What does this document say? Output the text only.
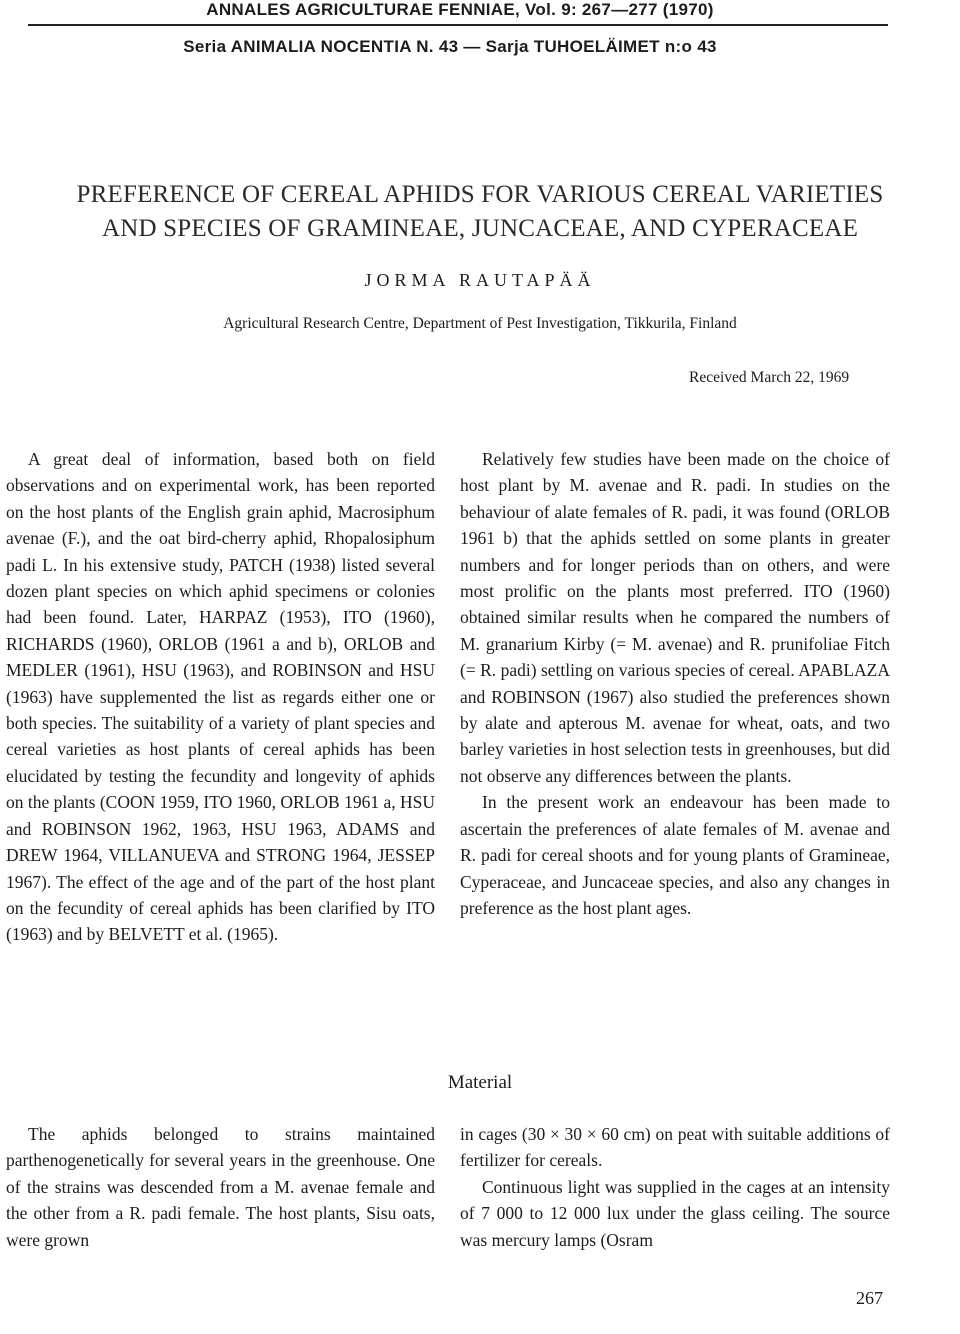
ANNALES AGRICULTURAE FENNIAE, Vol. 9: 267—277 (1970)
Seria ANIMALIA NOCENTIA N. 43 — Sarja TUHOELÄIMET n:o 43
PREFERENCE OF CEREAL APHIDS FOR VARIOUS CEREAL VARIETIES
AND SPECIES OF GRAMINEAE, JUNCACEAE, AND CYPERACEAE
JORMA RAUTAPÄÄ
Agricultural Research Centre, Department of Pest Investigation, Tikkurila, Finland
Received March 22, 1969

A great deal of information, based both on field observations and on experimental work, has been reported on the host plants of the English grain aphid, Macrosiphum avenae (F.), and the oat bird-cherry aphid, Rhopalosiphum padi L. In his extensive study, PATCH (1938) listed several dozen plant species on which aphid specimens or colonies had been found. Later, HARPAZ (1953), ITO (1960), RICHARDS (1960), ORLOB (1961 a and b), ORLOB and MEDLER (1961), HSU (1963), and ROBINSON and HSU (1963) have supplemented the list as regards either one or both species. The suitability of a variety of plant species and cereal varieties as host plants of cereal aphids has been elucidated by testing the fecundity and longevity of aphids on the plants (COON 1959, ITO 1960, ORLOB 1961 a, HSU and ROBINSON 1962, 1963, HSU 1963, ADAMS and DREW 1964, VILLANUEVA and STRONG 1964, JESSEP 1967). The effect of the age and of the part of the host plant on the fecundity of cereal aphids has been clarified by ITO (1963) and by BELVETT et al. (1965).

Relatively few studies have been made on the choice of host plant by M. avenae and R. padi. In studies on the behaviour of alate females of R. padi, it was found (ORLOB 1961 b) that the aphids settled on some plants in greater numbers and for longer periods than on others, and were most prolific on the plants most preferred. ITO (1960) obtained similar results when he compared the numbers of M. granarium Kirby (= M. avenae) and R. prunifoliae Fitch (= R. padi) settling on various species of cereal. APABLAZA and ROBINSON (1967) also studied the preferences shown by alate and apterous M. avenae for wheat, oats, and two barley varieties in host selection tests in greenhouses, but did not observe any differences between the plants.

In the present work an endeavour has been made to ascertain the preferences of alate females of M. avenae and R. padi for cereal shoots and for young plants of Gramineae, Cyperaceae, and Juncaceae species, and also any changes in preference as the host plant ages.

Material

The aphids belonged to strains maintained parthenogenetically for several years in the greenhouse. One of the strains was descended from a M. avenae female and the other from a R. padi female. The host plants, Sisu oats, were grown

in cages (30 × 30 × 60 cm) on peat with suitable additions of fertilizer for cereals.

Continuous light was supplied in the cages at an intensity of 7 000 to 12 000 lux under the glass ceiling. The source was mercury lamps (Osram

267
